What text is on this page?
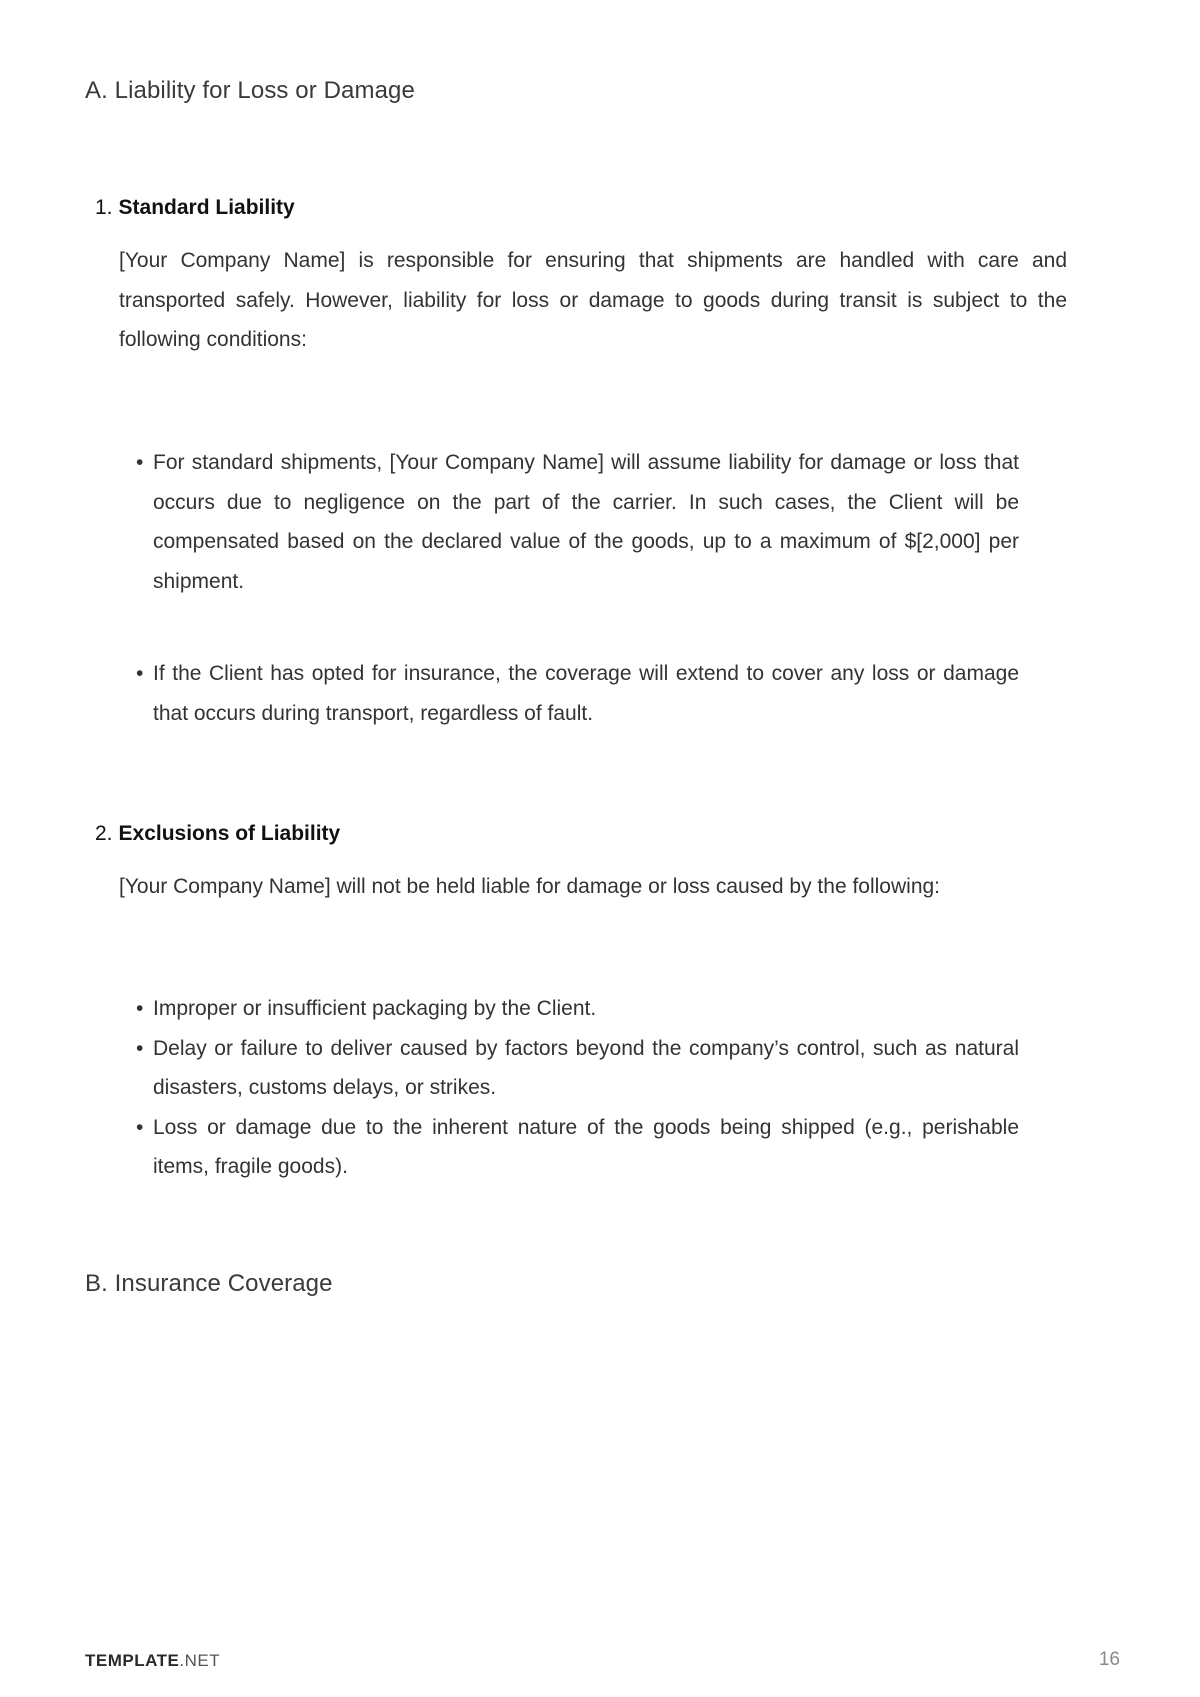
A. Liability for Loss or Damage
1. Standard Liability

[Your Company Name] is responsible for ensuring that shipments are handled with care and transported safely. However, liability for loss or damage to goods during transit is subject to the following conditions:

• For standard shipments, [Your Company Name] will assume liability for damage or loss that occurs due to negligence on the part of the carrier. In such cases, the Client will be compensated based on the declared value of the goods, up to a maximum of $[2,000] per shipment.
• If the Client has opted for insurance, the coverage will extend to cover any loss or damage that occurs during transport, regardless of fault.
2. Exclusions of Liability

[Your Company Name] will not be held liable for damage or loss caused by the following:

• Improper or insufficient packaging by the Client.
• Delay or failure to deliver caused by factors beyond the company’s control, such as natural disasters, customs delays, or strikes.
• Loss or damage due to the inherent nature of the goods being shipped (e.g., perishable items, fragile goods).
B. Insurance Coverage
TEMPLATE.NET	16
